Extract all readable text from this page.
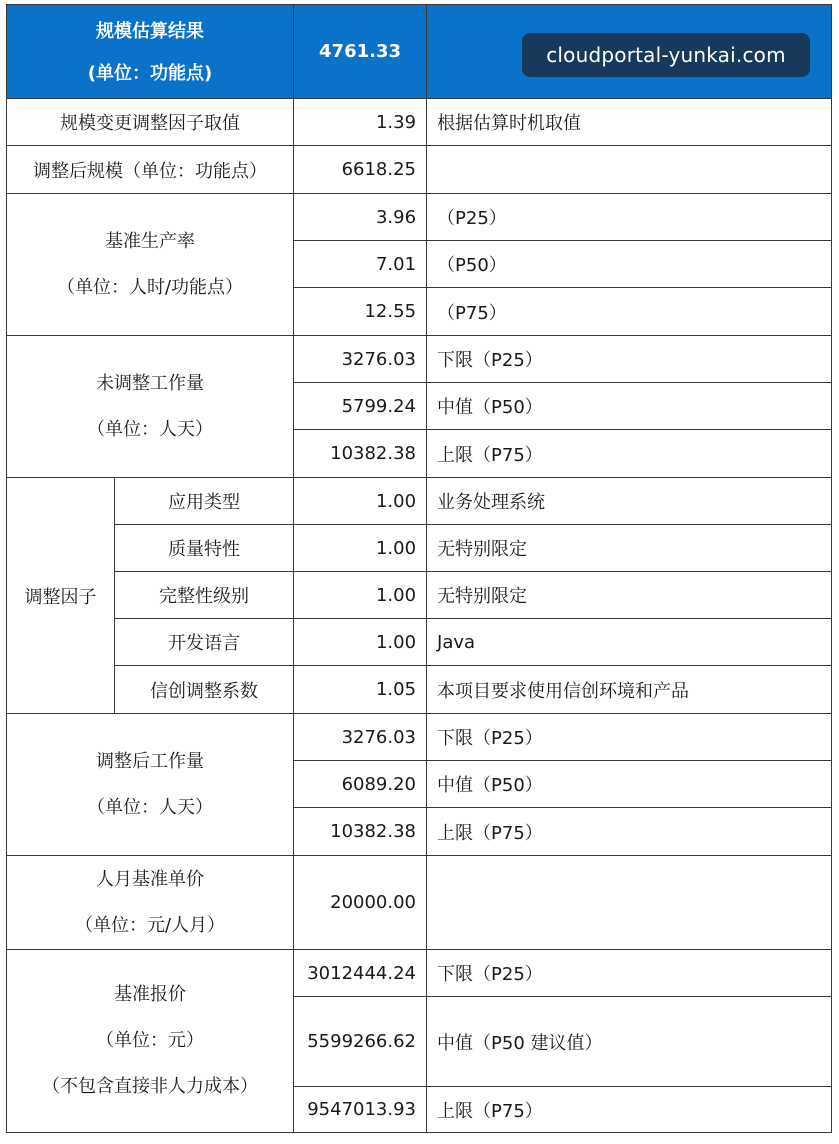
规模估算结果
(单位：功能点)		4761.33	
规模变更调整因子取值		1.39	根据估算时机取值
调整后规模（单位：功能点）		6618.25	

基准生产率
（单位：人时/功能点）		3.96	（P25）
		7.01	（P50）
		12.55	（P75）

未调整工作量
（单位：人天）		3276.03	下限（P25）
		5799.24	中值（P50）
		10382.38	上限（P75）
调整因子	应用类型	1.00	业务处理系统
	质量特性	1.00	无特别限定
	完整性级别	1.00	无特别限定
	开发语言	1.00	Java
	信创调整系数	1.05	本项目要求使用信创环境和产品

调整后工作量
（单位：人天）		3276.03	下限（P25）
		6089.20	中值（P50）
		10382.38	上限（P75）

人月基准单价
（单位：元/人月）		20000.00	

基准报价
（单位：元）
（不包含直接非人力成本）		3012444.24	下限（P25）
		5599266.62	中值（P50 建议值）
		9547013.93	上限（P75）
cloudportal-yunkai.com
